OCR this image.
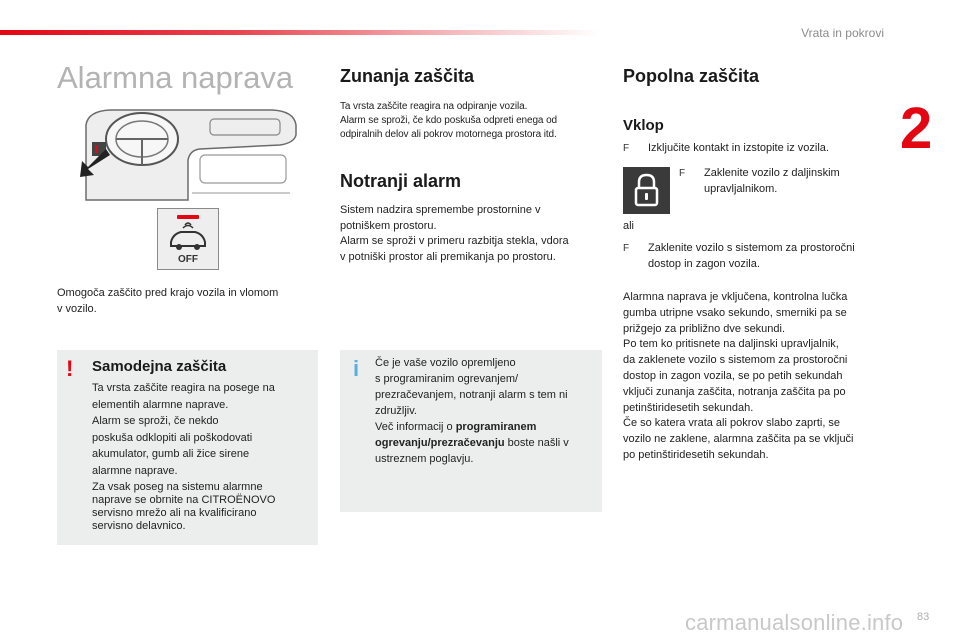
Vrata in pokrovi
2
Alarmna naprava
OFF
Omogoča zaščito pred krajo vozila in vlomom
v vozilo.
! Samodejna zaščita
Ta vrsta zaščite reagira na posege na
elementih alarmne naprave.
Alarm se sproži, če nekdo
poskuša odklopiti ali poškodovati
akumulator, gumb ali žice sirene
alarmne naprave.
Za vsak poseg na sistemu alarmne
naprave se obrnite na CITROËNOVO
servisno mrežo ali na kvalificirano
servisno delavnico.
Zunanja zaščita
Ta vrsta zaščite reagira na odpiranje vozila.
Alarm se sproži, če kdo poskuša odpreti enega od
odpiralnih delov ali pokrov motornega prostora itd.
Notranji alarm
Sistem nadzira spremembe prostornine v
potniškem prostoru.
Alarm se sproži v primeru razbitja stekla, vdora
v potniški prostor ali premikanja po prostoru.
i Če je vaše vozilo opremljeno
s programiranim ogrevanjem/
prezračevanjem, notranji alarm s tem ni
združljiv.
Več informacij o programiranem
ogrevanju/prezračevanju boste našli v
ustreznem poglavju.
Popolna zaščita
Vklop
F	Izključite kontakt in izstopite iz vozila.
F Zaklenite vozilo z daljinskim
upravljalnikom.
ali
F Zaklenite vozilo s sistemom za prostoročni
dostop in zagon vozila.
Alarmna naprava je vključena, kontrolna lučka
gumba utripne vsako sekundo, smerniki pa se
prižgejo za približno dve sekundi.
Po tem ko pritisnete na daljinski upravljalnik,
da zaklenete vozilo s sistemom za prostoročni
dostop in zagon vozila, se po petih sekundah
vključi zunanja zaščita, notranja zaščita pa po
petinštiridesetih sekundah.
Če so katera vrata ali pokrov slabo zaprti, se
vozilo ne zaklene, alarmna zaščita pa se vključi
po petinštiridesetih sekundah.
carmanualsonline.info 83
